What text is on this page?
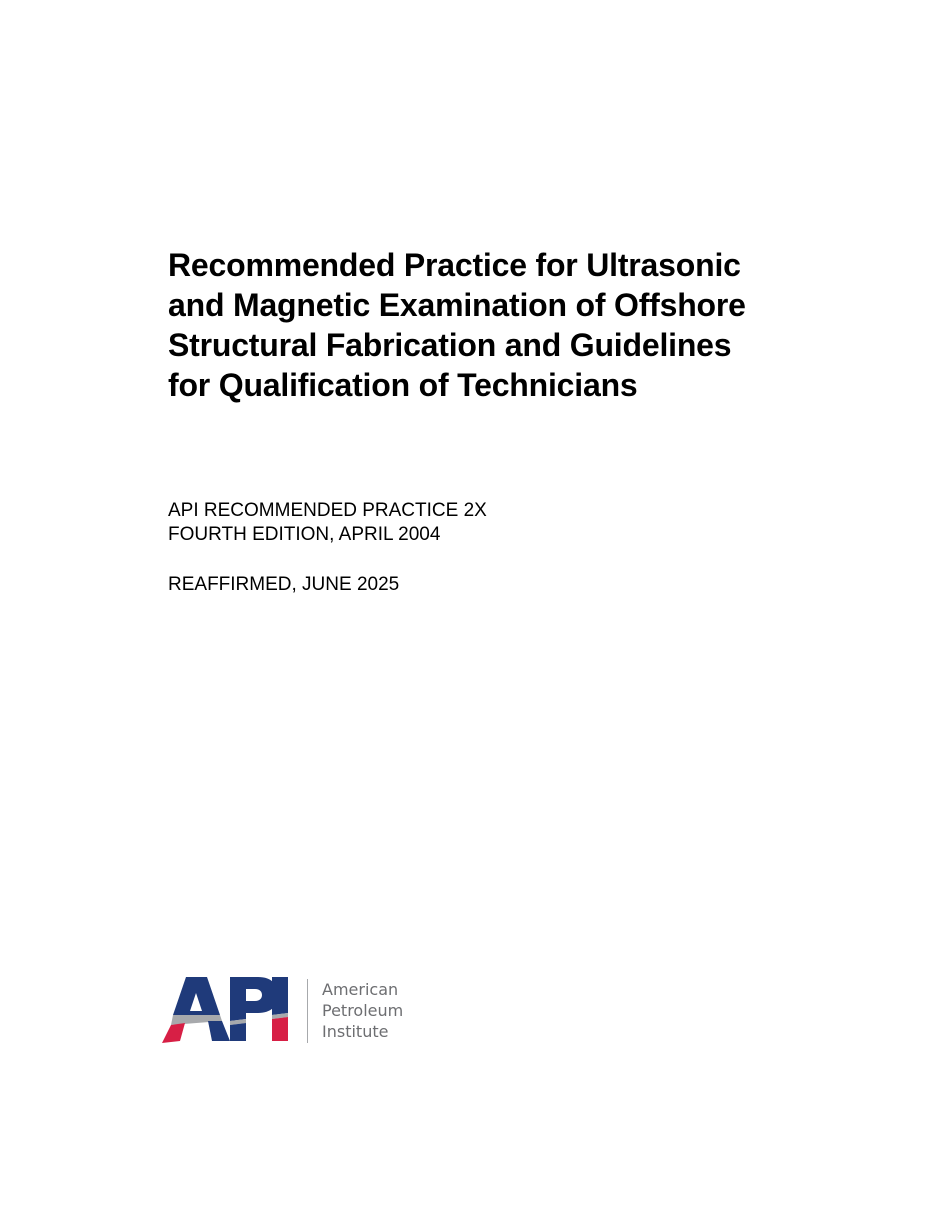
Recommended Practice for Ultrasonic
and Magnetic Examination of Offshore
Structural Fabrication and Guidelines
for Qualification of Technicians
API RECOMMENDED PRACTICE 2X
FOURTH EDITION, APRIL 2004
REAFFIRMED, JUNE 2025
American
Petroleum
Institute
